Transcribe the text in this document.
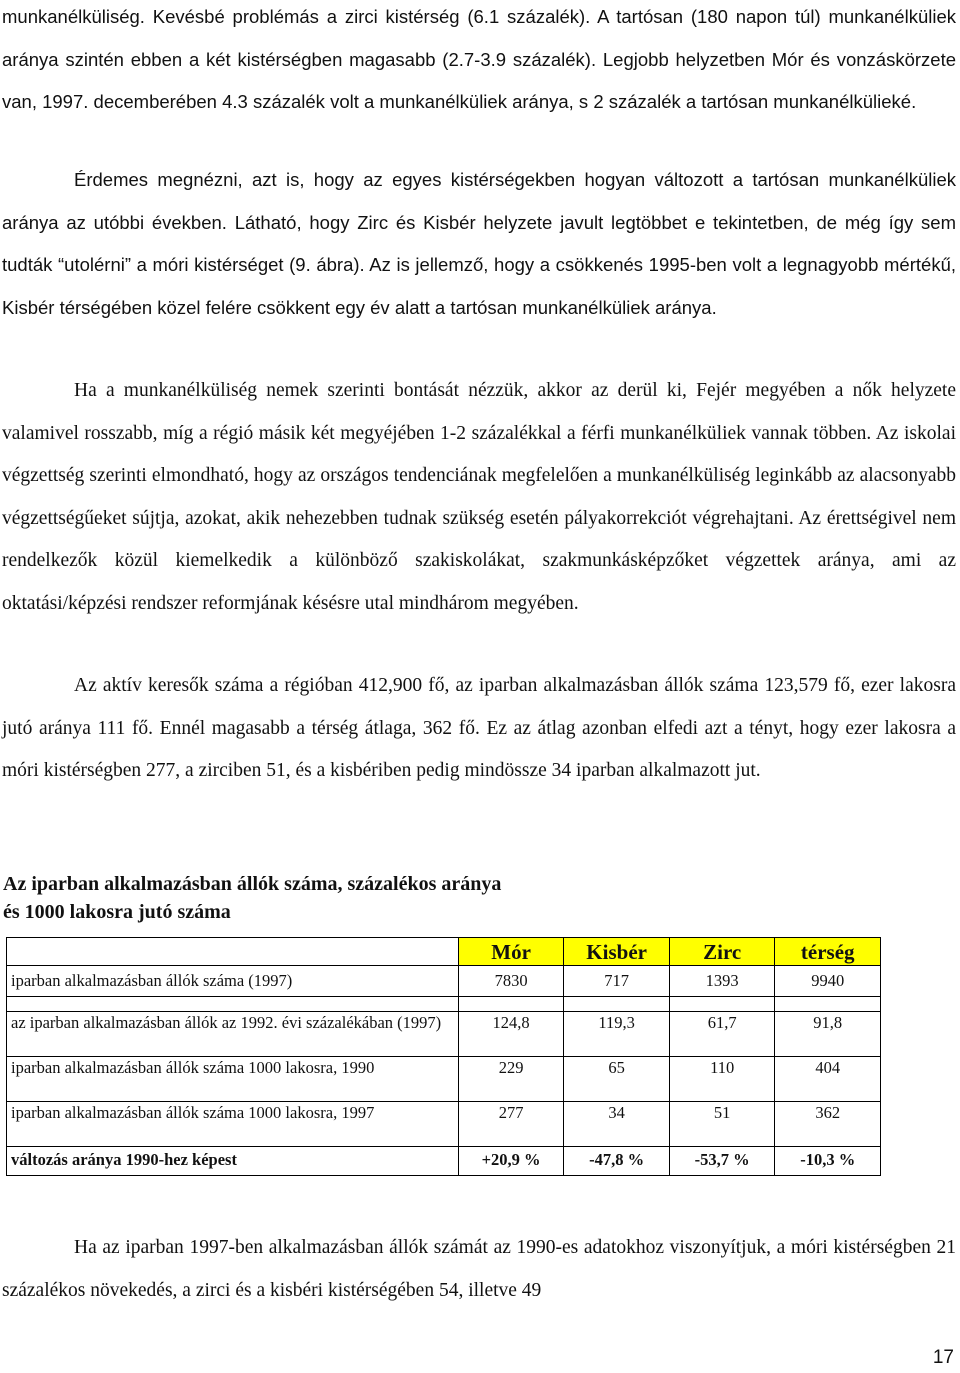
munkanélküliség. Kevésbé problémás a zirci kistérség (6.1 százalék). A tartósan (180 napon túl) munkanélküliek aránya szintén ebben a két kistérségben magasabb (2.7-3.9 százalék). Legjobb helyzetben Mór és vonzáskörzete van, 1997. decemberében 4.3 százalék volt a munkanélküliek aránya, s 2 százalék a tartósan munkanélkülieké.

Érdemes megnézni, azt is, hogy az egyes kistérségekben hogyan változott a tartósan munkanélküliek aránya az utóbbi években. Látható, hogy Zirc és Kisbér helyzete javult legtöbbet e tekintetben, de még így sem tudták “utolérni” a móri kistérséget (9. ábra). Az is jellemző, hogy a csökkenés 1995-ben volt a legnagyobb mértékű, Kisbér térségében közel felére csökkent egy év alatt a tartósan munkanélküliek aránya.

Ha a munkanélküliség nemek szerinti bontását nézzük, akkor az derül ki, Fejér megyében a nők helyzete valamivel rosszabb, míg a régió másik két megyéjében 1-2 százalékkal a férfi munkanélküliek vannak többen. Az iskolai végzettség szerinti elmondható, hogy az országos tendenciának megfelelően a munkanélküliség leginkább az alacsonyabb végzettségűeket sújtja, azokat, akik nehezebben tudnak szükség esetén pályakorrekciót végrehajtani. Az érettségivel nem rendelkezők közül kiemelkedik a különböző szakiskolákat, szakmunkásképzőket végzettek aránya, ami az oktatási/képzési rendszer reformjának késésre utal mindhárom megyében.

Az aktív keresők száma a régióban 412,900 fő, az iparban alkalmazásban állók száma 123,579 fő, ezer lakosra jutó aránya 111 fő. Ennél magasabb a térség átlaga, 362 fő. Ez az átlag azonban elfedi azt a tényt, hogy ezer lakosra a móri kistérségben 277, a zirciben 51, és a kisbériben pedig mindössze 34 iparban alkalmazott jut.

Az iparban alkalmazásban állók száma, százalékos aránya
és 1000 lakosra jutó száma

	Mór	Kisbér	Zirc	térség
iparban alkalmazásban állók száma (1997)	7830	717	1393	9940

az iparban alkalmazásban állók az 1992. évi százalékában (1997)	124,8	119,3	61,7	91,8
iparban alkalmazásban állók száma 1000 lakosra, 1990	229	65	110	404
iparban alkalmazásban állók száma 1000 lakosra, 1997	277	34	51	362
változás aránya 1990-hez képest	+20,9 %	-47,8 %	-53,7 %	-10,3 %

Ha az iparban 1997-ben alkalmazásban állók számát az 1990-es adatokhoz viszonyítjuk, a móri kistérségben 21 százalékos növekedés, a zirci és a kisbéri kistérségében 54, illetve 49

17
